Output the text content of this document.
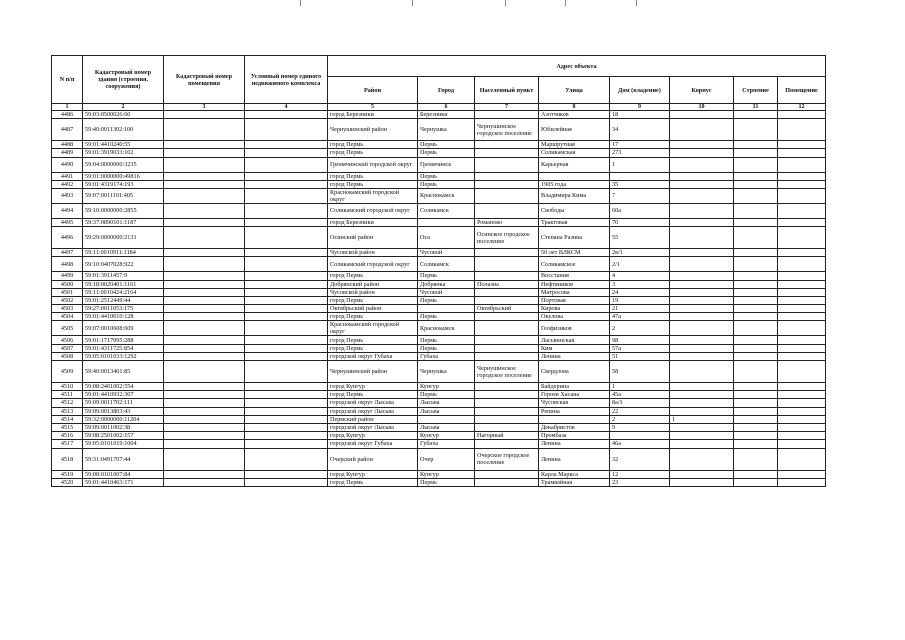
N п/п	Кадастровый номер здания (строения, сооружения)	Кадастровый номер помещения	Условный номер единого недвижимого комплекса	Адрес объекта							
				Район	Город	Населенный пункт	Улица	Дом (владение)	Корпус	Строение	Помещение
1	2	3	4	5	6	7	8	9	10	11	12
4486	59:03:0500026:60			город Березники	Березники		Азотчиков	18			
4487	59:40:0011302:100			Чернушинский район	Чернушка	Чернушинское городское поселение	Юбилейная	34			
4488	59:01:4410240:55			город Пермь	Пермь		Маршрутная	17			
4489	59:01:3919033:102			город Пермь	Пермь		Соликамская	273			
4490	59:04:0000000:3235			Гремячинский городской округ	Гремячинск		Карьерная	1			
4491	59:01:0000000:49816			город Пермь	Пермь						
4492	59:01:4319174:193			город Пермь	Пермь		1905 года	35			
4493	59:07:0011101:405			Краснокамский городской округ	Краснокамск		Владимира Кима	7			
4494	59:10:0000000:2855			Соликамский городской округ	Соликамск		Свободы	60а			
4495	59:37:0890101:1187			город Березники		Романово	Трактовая	70			
4496	59:29:0000000:2131			Осинский район	Оса	Осинское городское поселение	Степана Разина	55			
4497	59:11:0010911:1184			Чусовской район	Чусовой		50 лет ВЛКСМ	2в/1			
4498	59:10:0407028:922			Соликамский городской округ	Соликамск		Соликамское	2/1			
4499	59:01:3911457:9			город Пермь	Пермь		Восстания	4			
4500	59:18:0020401:1161			Добрянский район	Добрянка	Полазна	Нефтяников	3			
4501	59:11:0010424:2164			Чусовской район	Чусовой		Матросова	24			
4502	59:01:2512449:44			город Пермь	Пермь		Портовая	19			
4503	59:27:0011053:175			Октябрьский район		Октябрьский	Кирова	21			
4504	59:01:4410010:128			город Пермь	Пермь		Окулова	47а			
4505	59:07:0010608:609			Краснокамский городской округ	Краснокамск		Геофизиков	2			
4506	59:01:1717095:288			город Пермь	Пермь		Ласьвинская	98			
4507	59:01:4311725:854			город Пермь	Пермь		Ким	57а			
4508	59:05:0101033:1292			городской округ Губаха	Губаха		Ленина	51			
4509	59:40:0013401:85			Чернушинский район	Чернушка	Чернушинское городское поселение	Свердлова	58			
4510	59:08:2401002:554			город Кунгур	Кунгур		Байдерина	1			
4511	59:01:4410932:307			город Пермь	Пермь		Героев Хасана	45а			
4512	59:09:0011702:111			городской округ Лысьва	Лысьва		Чусовская	8а/1			
4513	59:09:0013803:43			городской округ Лысьва	Лысьва		Репина	22			
4514	59:32:0000000:11204			Пермский район				2	1		
4515	59:09:0011002:38			городской округ Лысьва	Лысьва		Декабристов	9			
4516	59:08:2501002:157			город Кунгур	Кунгур	Нагорный	Промбаза				
4517	59:05:0101019:1004			городской округ Губаха	Губаха		Ленина	46а			
4518	59:31:0491707:44			Очерский район	Очер	Очерское городское поселение	Ленина	32			
4519	59:08:0101007:84			город Кунгур	Кунгур		Карла Маркса	12			
4520	59:01:4410463:171			город Пермь	Пермь		Трамвайная	23			
